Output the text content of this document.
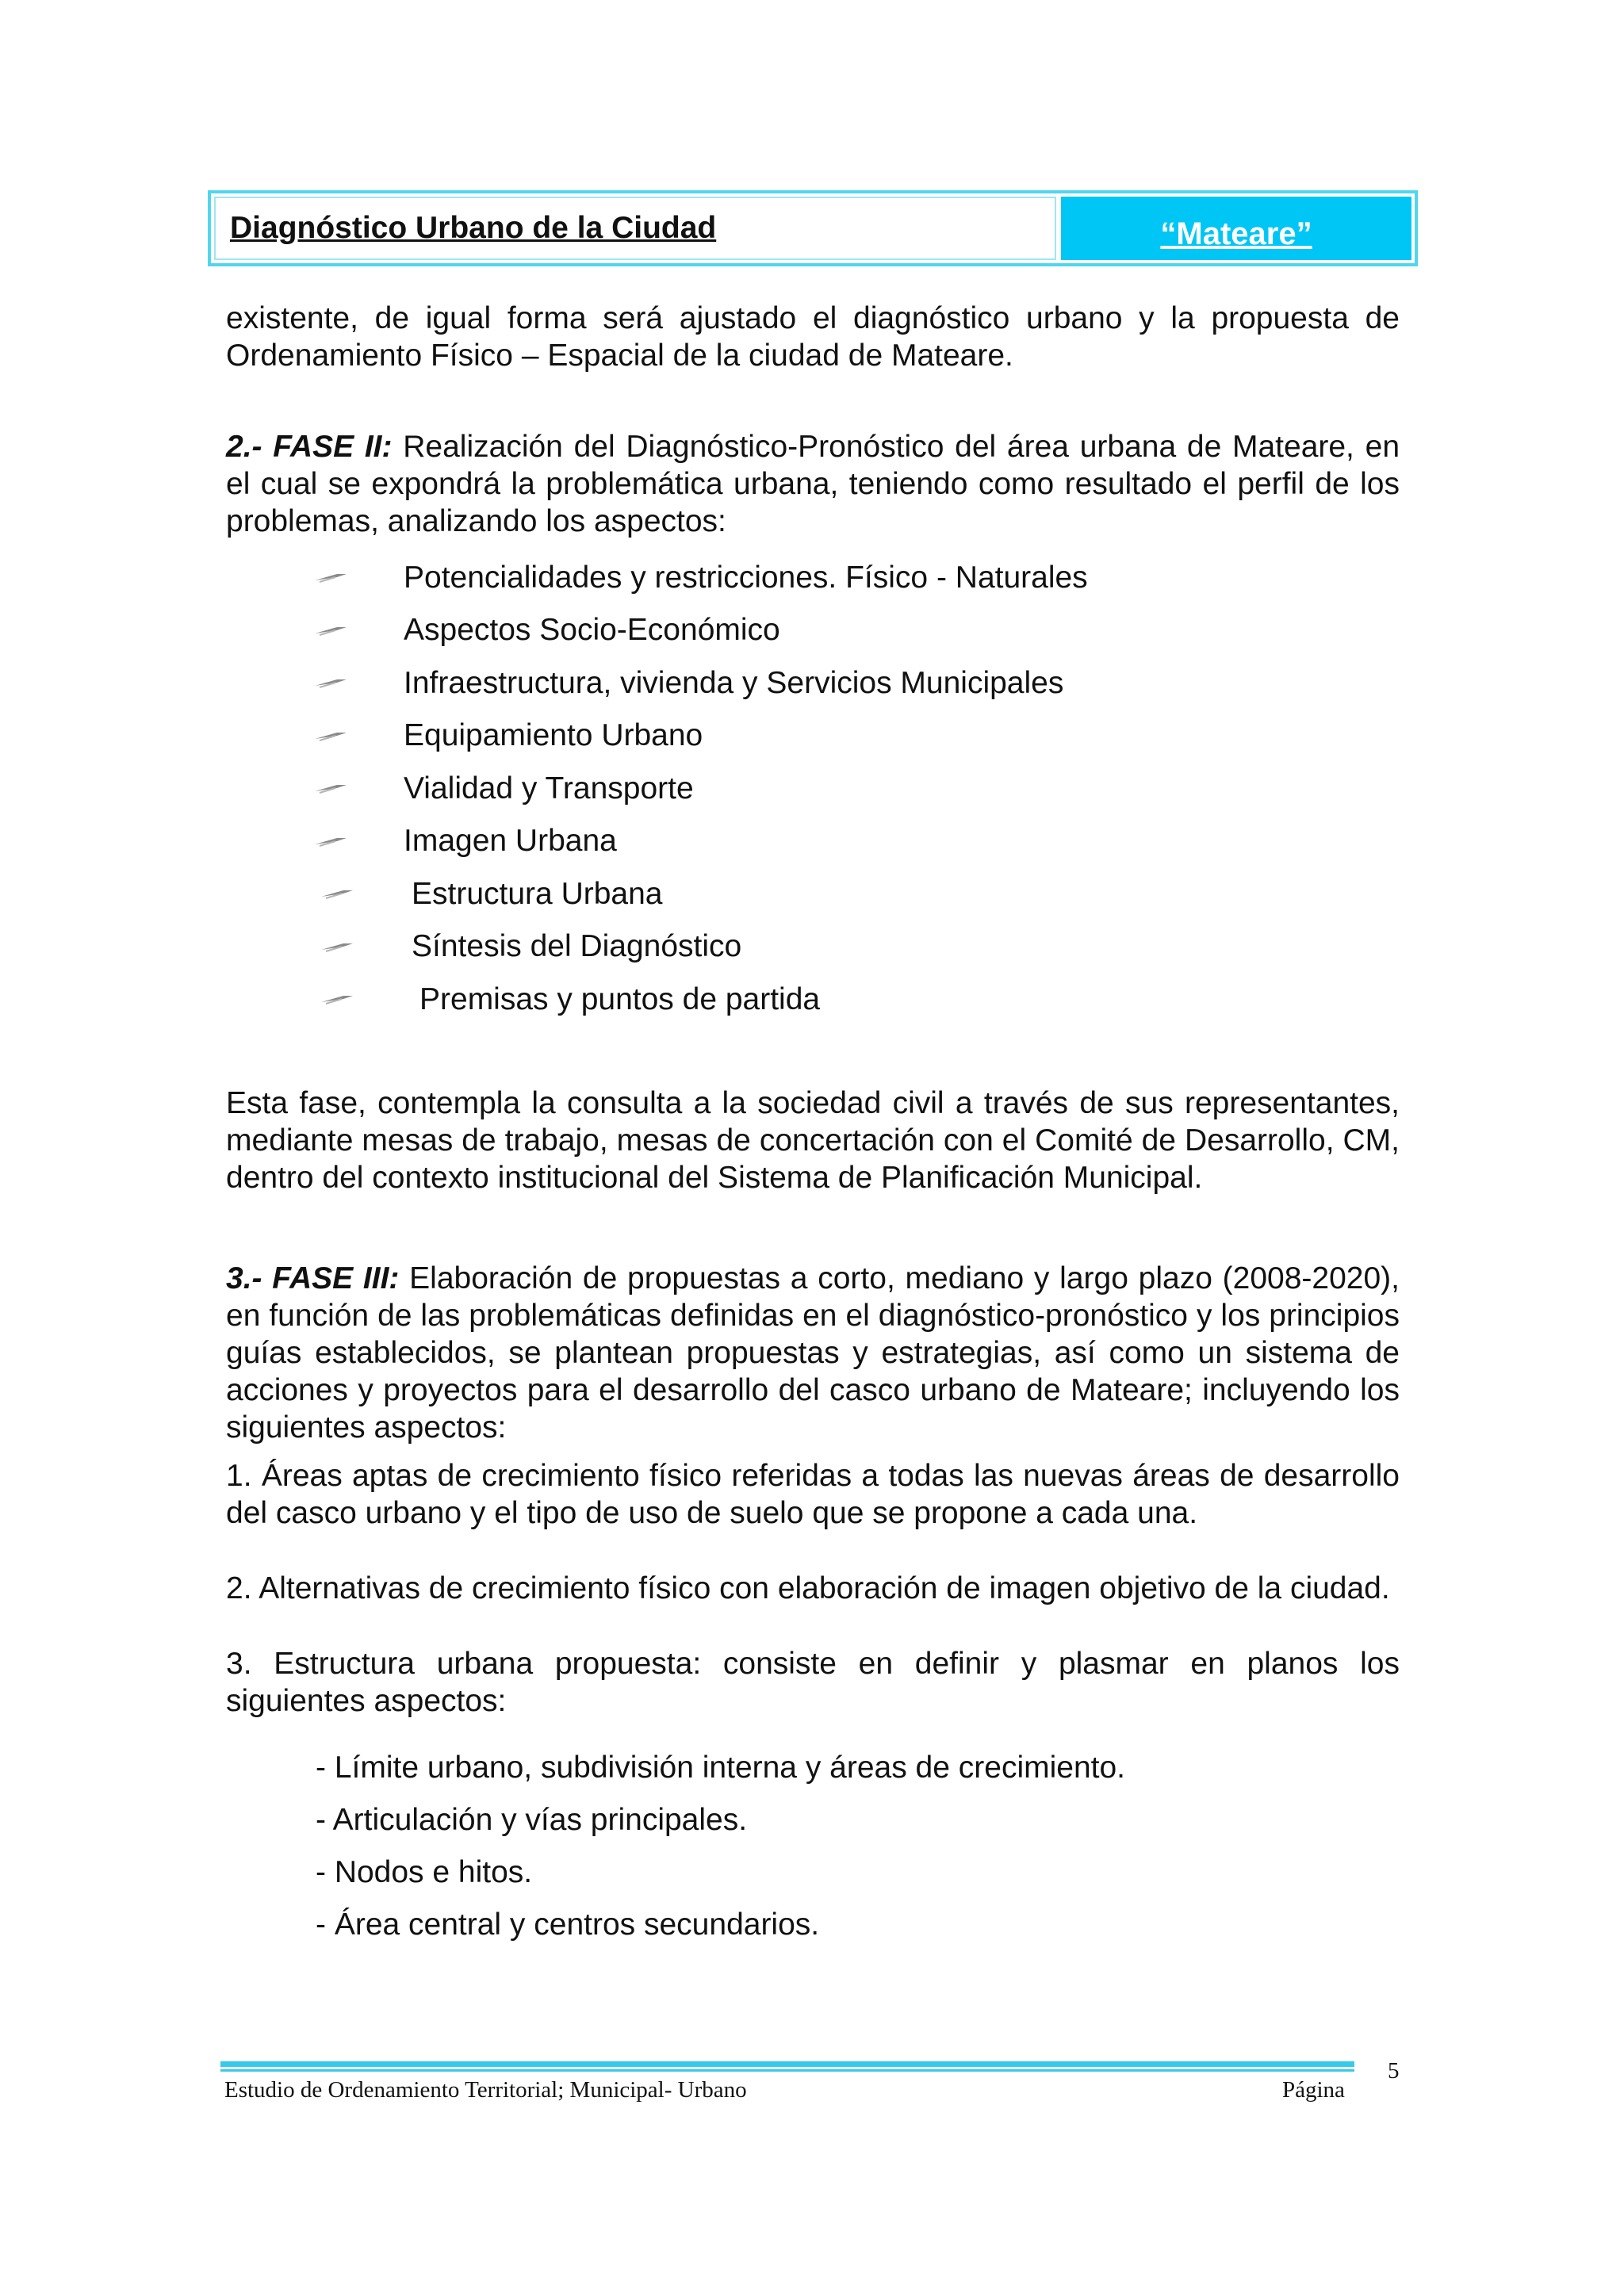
Diagnóstico Urbano de la Ciudad	“Mateare”

existente, de igual forma será ajustado el diagnóstico urbano y la propuesta de Ordenamiento Físico – Espacial de la ciudad de Mateare.

2.- FASE II: Realización del Diagnóstico-Pronóstico del área urbana de Mateare, en el cual se expondrá la problemática urbana, teniendo como resultado el perfil de los problemas, analizando los aspectos:

Potencialidades y restricciones. Físico - Naturales
Aspectos Socio-Económico
Infraestructura, vivienda y Servicios Municipales
Equipamiento Urbano
Vialidad y Transporte
Imagen Urbana
Estructura Urbana
Síntesis del Diagnóstico
Premisas y puntos de partida

Esta fase, contempla la consulta a la sociedad civil a través de sus representantes, mediante mesas de trabajo, mesas de concertación con el Comité de Desarrollo, CM, dentro del contexto institucional del Sistema de Planificación Municipal.

3.- FASE III: Elaboración de propuestas a corto, mediano y largo plazo (2008-2020), en función de las problemáticas definidas en el diagnóstico-pronóstico y los principios guías establecidos, se plantean propuestas y estrategias, así como un sistema de acciones y proyectos para el desarrollo del casco urbano de Mateare; incluyendo los siguientes aspectos:

1. Áreas aptas de crecimiento físico referidas a todas las nuevas áreas de desarrollo del casco urbano y el tipo de uso de suelo que se propone a cada una.

2. Alternativas de crecimiento físico con elaboración de imagen objetivo de la ciudad.

3. Estructura urbana propuesta: consiste en definir y plasmar en planos los siguientes aspectos:

- Límite urbano, subdivisión interna y áreas de crecimiento.
- Articulación y vías principales.
- Nodos e hitos.
- Área central y centros secundarios.
Estudio de Ordenamiento Territorial; Municipal- Urbano	Página
5
